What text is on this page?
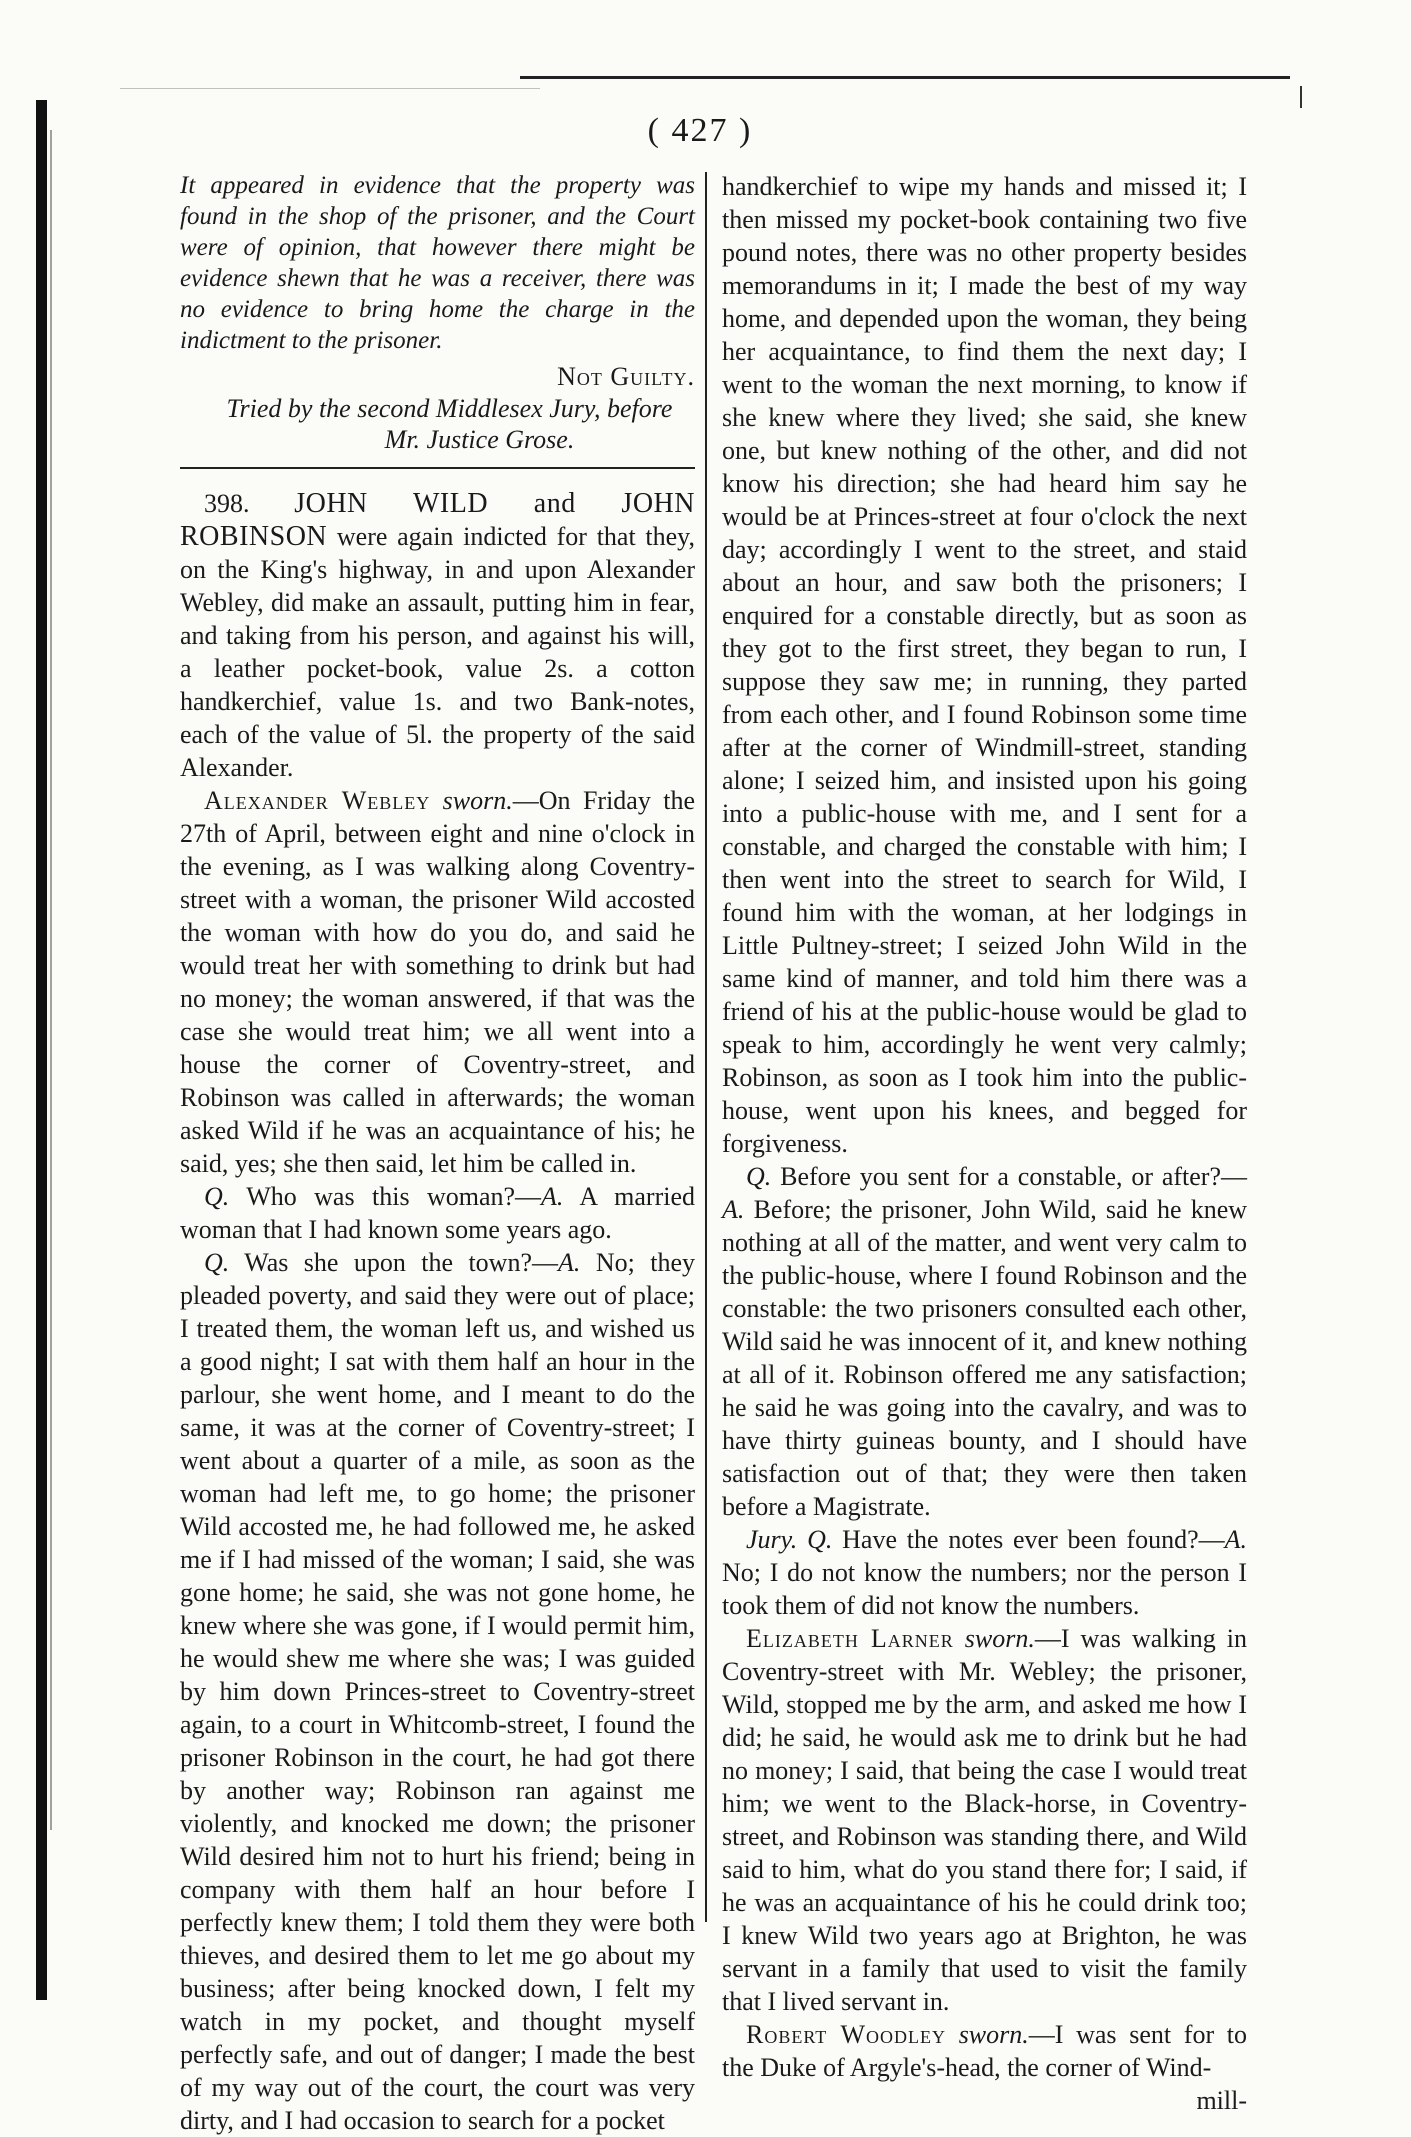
( 427 )

It appeared in evidence that the property was found in the shop of the prisoner, and the Court were of opinion, that however there might be evidence shewn that he was a receiver, there was no evidence to bring home the charge in the indictment to the prisoner.

Not Guilty.

Tried by the second Middlesex Jury, before

Mr. Justice Grose.

398. JOHN WILD and JOHN ROBINSON were again indicted for that they, on the King's highway, in and upon Alexander Webley, did make an assault, putting him in fear, and taking from his person, and against his will, a leather pocket-book, value 2s. a cotton handkerchief, value 1s. and two Bank-notes, each of the value of 5l. the property of the said Alexander.

Alexander Webley sworn.—On Friday the 27th of April, between eight and nine o'clock in the evening, as I was walking along Coventry-street with a woman, the prisoner Wild accosted the woman with how do you do, and said he would treat her with something to drink but had no money; the woman answered, if that was the case she would treat him; we all went into a house the corner of Coventry-street, and Robinson was called in afterwards; the woman asked Wild if he was an acquaintance of his; he said, yes; she then said, let him be called in.

Q. Who was this woman?—A. A married woman that I had known some years ago.

Q. Was she upon the town?—A. No; they pleaded poverty, and said they were out of place; I treated them, the woman left us, and wished us a good night; I sat with them half an hour in the parlour, she went home, and I meant to do the same, it was at the corner of Coventry-street; I went about a quarter of a mile, as soon as the woman had left me, to go home; the prisoner Wild accosted me, he had followed me, he asked me if I had missed of the woman; I said, she was gone home; he said, she was not gone home, he knew where she was gone, if I would permit him, he would shew me where she was; I was guided by him down Princes-street to Coventry-street again, to a court in Whitcomb-street, I found the prisoner Robinson in the court, he had got there by another way; Robinson ran against me violently, and knocked me down; the prisoner Wild desired him not to hurt his friend; being in company with them half an hour before I perfectly knew them; I told them they were both thieves, and desired them to let me go about my business; after being knocked down, I felt my watch in my pocket, and thought myself perfectly safe, and out of danger; I made the best of my way out of the court, the court was very dirty, and I had occasion to search for a pocket

handkerchief to wipe my hands and missed it; I then missed my pocket-book containing two five pound notes, there was no other property besides memorandums in it; I made the best of my way home, and depended upon the woman, they being her acquaintance, to find them the next day; I went to the woman the next morning, to know if she knew where they lived; she said, she knew one, but knew nothing of the other, and did not know his direction; she had heard him say he would be at Princes-street at four o'clock the next day; accordingly I went to the street, and staid about an hour, and saw both the prisoners; I enquired for a constable directly, but as soon as they got to the first street, they began to run, I suppose they saw me; in running, they parted from each other, and I found Robinson some time after at the corner of Windmill-street, standing alone; I seized him, and insisted upon his going into a public-house with me, and I sent for a constable, and charged the constable with him; I then went into the street to search for Wild, I found him with the woman, at her lodgings in Little Pultney-street; I seized John Wild in the same kind of manner, and told him there was a friend of his at the public-house would be glad to speak to him, accordingly he went very calmly; Robinson, as soon as I took him into the public-house, went upon his knees, and begged for forgiveness.

Q. Before you sent for a constable, or after?—A. Before; the prisoner, John Wild, said he knew nothing at all of the matter, and went very calm to the public-house, where I found Robinson and the constable: the two prisoners consulted each other, Wild said he was innocent of it, and knew nothing at all of it. Robinson offered me any satisfaction; he said he was going into the cavalry, and was to have thirty guineas bounty, and I should have satisfaction out of that; they were then taken before a Magistrate.

Jury. Q. Have the notes ever been found?—A. No; I do not know the numbers; nor the person I took them of did not know the numbers.

Elizabeth Larner sworn.—I was walking in Coventry-street with Mr. Webley; the prisoner, Wild, stopped me by the arm, and asked me how I did; he said, he would ask me to drink but he had no money; I said, that being the case I would treat him; we went to the Black-horse, in Coventry-street, and Robinson was standing there, and Wild said to him, what do you stand there for; I said, if he was an acquaintance of his he could drink too; I knew Wild two years ago at Brighton, he was servant in a family that used to visit the family that I lived servant in.

Robert Woodley sworn.—I was sent for to the Duke of Argyle's-head, the corner of Wind-

mill-
